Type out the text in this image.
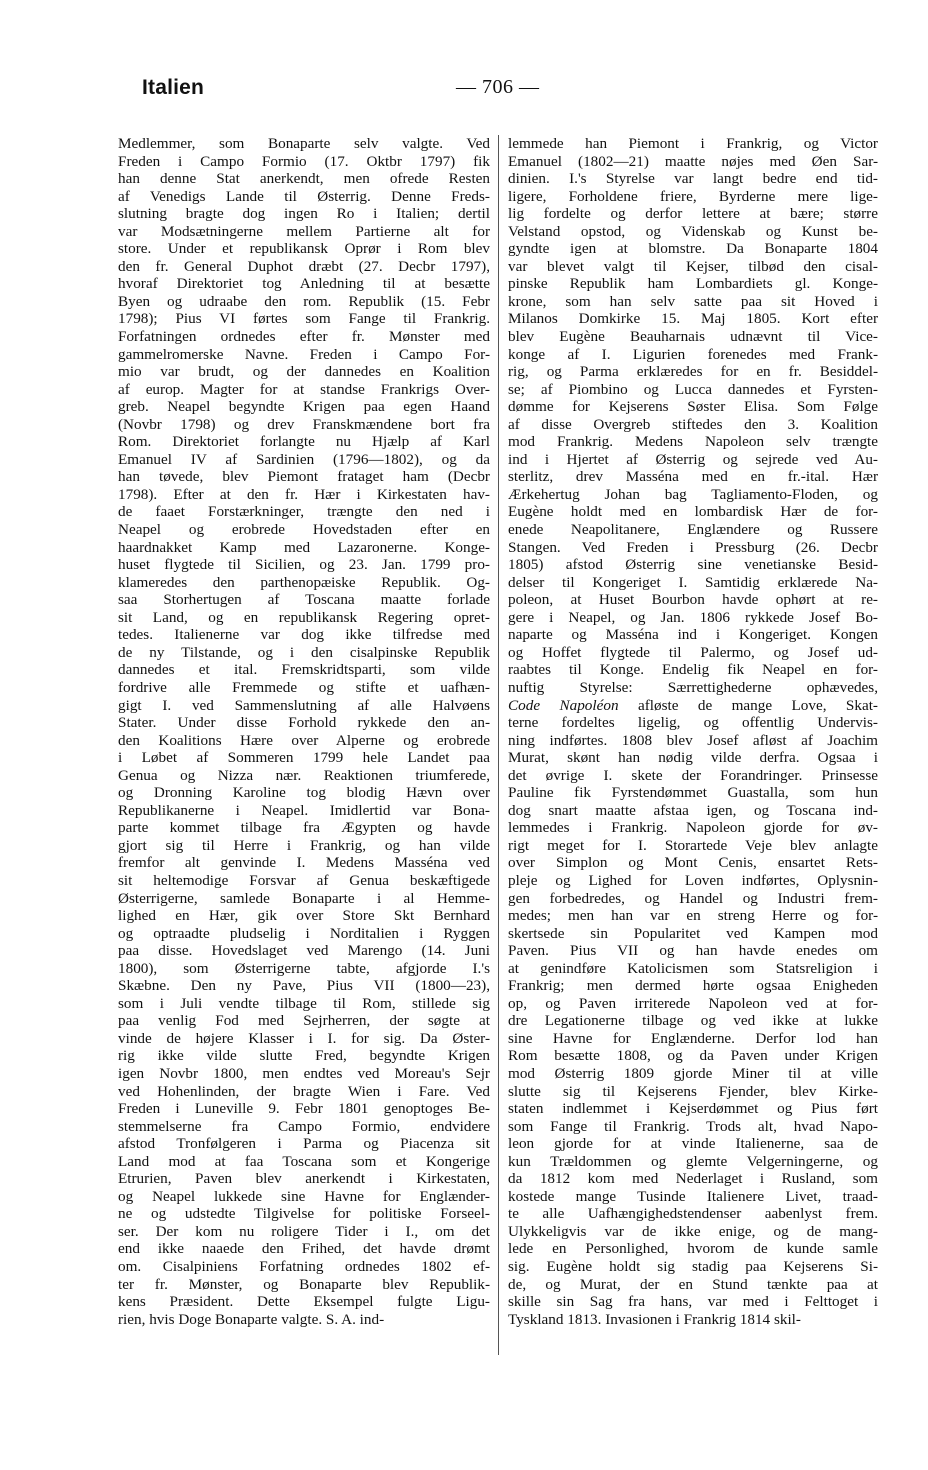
Italien	— 706 —
Medlemmer, som Bonaparte selv valgte. Ved
Freden i Campo Formio (17. Oktbr 1797) fik
han denne Stat anerkendt, men ofrede Resten
af Venedigs Lande til Østerrig. Denne Freds-
slutning bragte dog ingen Ro i Italien; dertil
var Modsætningerne mellem Partierne alt for
store. Under et republikansk Oprør i Rom blev
den fr. General Duphot dræbt (27. Decbr 1797),
hvoraf Direktoriet tog Anledning til at besætte
Byen og udraabe den rom. Republik (15. Febr
1798); Pius VI førtes som Fange til Frankrig.
Forfatningen ordnedes efter fr. Mønster med
gammelromerske Navne. Freden i Campo For-
mio var brudt, og der dannedes en Koalition
af europ. Magter for at standse Frankrigs Over-
greb. Neapel begyndte Krigen paa egen Haand
(Novbr 1798) og drev Franskmændene bort fra
Rom. Direktoriet forlangte nu Hjælp af Karl
Emanuel IV af Sardinien (1796—1802), og da
han tøvede, blev Piemont frataget ham (Decbr
1798). Efter at den fr. Hær i Kirkestaten hav-
de faaet Forstærkninger, trængte den ned i
Neapel og erobrede Hovedstaden efter en
haardnakket Kamp med Lazaronerne. Konge-
huset flygtede til Sicilien, og 23. Jan. 1799 pro-
klameredes den parthenopæiske Republik. Og-
saa Storhertugen af Toscana maatte forlade
sit Land, og en republikansk Regering opret-
tedes. Italienerne var dog ikke tilfredse med
de ny Tilstande, og i den cisalpinske Republik
dannedes et ital. Fremskridtsparti, som vilde
fordrive alle Fremmede og stifte et uafhæn-
gigt I. ved Sammenslutning af alle Halvøens
Stater. Under disse Forhold rykkede den an-
den Koalitions Hære over Alperne og erobrede
i Løbet af Sommeren 1799 hele Landet paa
Genua og Nizza nær. Reaktionen triumferede,
og Dronning Karoline tog blodig Hævn over
Republikanerne i Neapel. Imidlertid var Bona-
parte kommet tilbage fra Ægypten og havde
gjort sig til Herre i Frankrig, og han vilde
fremfor alt genvinde I. Medens Masséna ved
sit heltemodige Forsvar af Genua beskæftigede
Østerrigerne, samlede Bonaparte i al Hemme-
lighed en Hær, gik over Store Skt Bernhard
og optraadte pludselig i Norditalien i Ryggen
paa disse. Hovedslaget ved Marengo (14. Juni
1800), som Østerrigerne tabte, afgjorde I.'s
Skæbne. Den ny Pave, Pius VII (1800—23),
som i Juli vendte tilbage til Rom, stillede sig
paa venlig Fod med Sejrherren, der søgte at
vinde de højere Klasser i I. for sig. Da Øster-
rig ikke vilde slutte Fred, begyndte Krigen
igen Novbr 1800, men endtes ved Moreau's Sejr
ved Hohenlinden, der bragte Wien i Fare. Ved
Freden i Luneville 9. Febr 1801 genoptoges Be-
stemmelserne fra Campo Formio, endvidere
afstod Tronfølgeren i Parma og Piacenza sit
Land mod at faa Toscana som et Kongerige
Etrurien, Paven blev anerkendt i Kirkestaten,
og Neapel lukkede sine Havne for Englænder-
ne og udstedte Tilgivelse for politiske Forseel-
ser. Der kom nu roligere Tider i I., om det
end ikke naaede den Frihed, det havde drømt
om. Cisalpiniens Forfatning ordnedes 1802 ef-
ter fr. Mønster, og Bonaparte blev Republik-
kens Præsident. Dette Eksempel fulgte Ligu-
rien, hvis Doge Bonaparte valgte. S. A. ind-
lemmede han Piemont i Frankrig, og Victor
Emanuel (1802—21) maatte nøjes med Øen Sar-
dinien. I.'s Styrelse var langt bedre end tid-
ligere, Forholdene friere, Byrderne mere lige-
lig fordelte og derfor lettere at bære; større
Velstand opstod, og Videnskab og Kunst be-
gyndte igen at blomstre. Da Bonaparte 1804
var blevet valgt til Kejser, tilbød den cisal-
pinske Republik ham Lombardiets gl. Konge-
krone, som han selv satte paa sit Hoved i
Milanos Domkirke 15. Maj 1805. Kort efter
blev Eugène Beauharnais udnævnt til Vice-
konge af I. Ligurien forenedes med Frank-
rig, og Parma erklæredes for en fr. Besiddel-
se; af Piombino og Lucca dannedes et Fyrsten-
dømme for Kejserens Søster Elisa. Som Følge
af disse Overgreb stiftedes den 3. Koalition
mod Frankrig. Medens Napoleon selv trængte
ind i Hjertet af Østerrig og sejrede ved Au-
sterlitz, drev Masséna med en fr.-ital. Hær
Ærkehertug Johan bag Tagliamento-Floden, og
Eugène holdt med en lombardisk Hær de for-
enede Neapolitanere, Englændere og Russere
Stangen. Ved Freden i Pressburg (26. Decbr
1805) afstod Østerrig sine venetianske Besid-
delser til Kongeriget I. Samtidig erklærede Na-
poleon, at Huset Bourbon havde ophørt at re-
gere i Neapel, og Jan. 1806 rykkede Josef Bo-
naparte og Masséna ind i Kongeriget. Kongen
og Hoffet flygtede til Palermo, og Josef ud-
raabtes til Konge. Endelig fik Neapel en for-
nuftig Styrelse: Særrettighederne ophævedes,
Code Napoléon afløste de mange Love, Skat-
terne fordeltes ligelig, og offentlig Undervis-
ning indførtes. 1808 blev Josef afløst af Joachim
Murat, skønt han nødig vilde derfra. Ogsaa i
det øvrige I. skete der Forandringer. Prinsesse
Pauline fik Fyrstendømmet Guastalla, som hun
dog snart maatte afstaa igen, og Toscana ind-
lemmedes i Frankrig. Napoleon gjorde for øv-
rigt meget for I. Storartede Veje blev anlagte
over Simplon og Mont Cenis, ensartet Rets-
pleje og Lighed for Loven indførtes, Oplysnin-
gen forbedredes, og Handel og Industri frem-
medes; men han var en streng Herre og for-
skertsede sin Popularitet ved Kampen mod
Paven. Pius VII og han havde enedes om
at genindføre Katolicismen som Statsreligion i
Frankrig; men dermed hørte ogsaa Enigheden
op, og Paven irriterede Napoleon ved at for-
dre Legationerne tilbage og ved ikke at lukke
sine Havne for Englænderne. Derfor lod han
Rom besætte 1808, og da Paven under Krigen
mod Østerrig 1809 gjorde Miner til at ville
slutte sig til Kejserens Fjender, blev Kirke-
staten indlemmet i Kejserdømmet og Pius ført
som Fange til Frankrig. Trods alt, hvad Napo-
leon gjorde for at vinde Italienerne, saa de
kun Trældommen og glemte Velgerningerne, og
da 1812 kom med Nederlaget i Rusland, som
kostede mange Tusinde Italienere Livet, traad-
te alle Uafhængighedstendenser aabenlyst frem.
Ulykkeligvis var de ikke enige, og de mang-
lede en Personlighed, hvorom de kunde samle
sig. Eugène holdt sig stadig paa Kejserens Si-
de, og Murat, der en Stund tænkte paa at
skille sin Sag fra hans, var med i Felttoget i
Tyskland 1813. Invasionen i Frankrig 1814 skil-
